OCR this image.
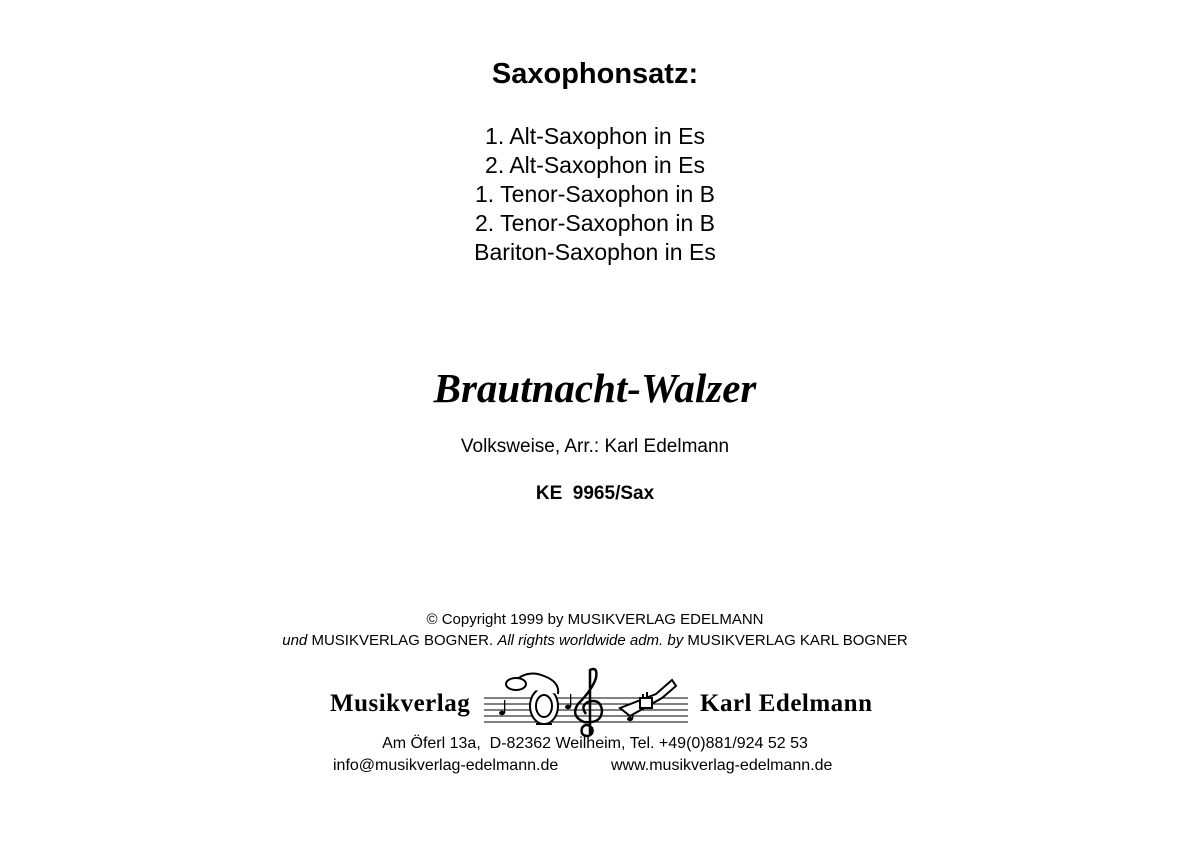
Saxophonsatz:
1. Alt-Saxophon in Es
2. Alt-Saxophon in Es
1. Tenor-Saxophon in B
2. Tenor-Saxophon in B
Bariton-Saxophon in Es
Brautnacht-Walzer
Volksweise, Arr.: Karl Edelmann
KE  9965/Sax
© Copyright 1999 by MUSIKVERLAG EDELMANN
und MUSIKVERLAG BOGNER. All rights worldwide adm. by MUSIKVERLAG KARL BOGNER
Musikverlag	Karl Edelmann
Am Öferl 13a,  D-82362 Weilheim, Tel. +49(0)881/924 52 53
info@musikverlag-edelmann.de	www.musikverlag-edelmann.de
